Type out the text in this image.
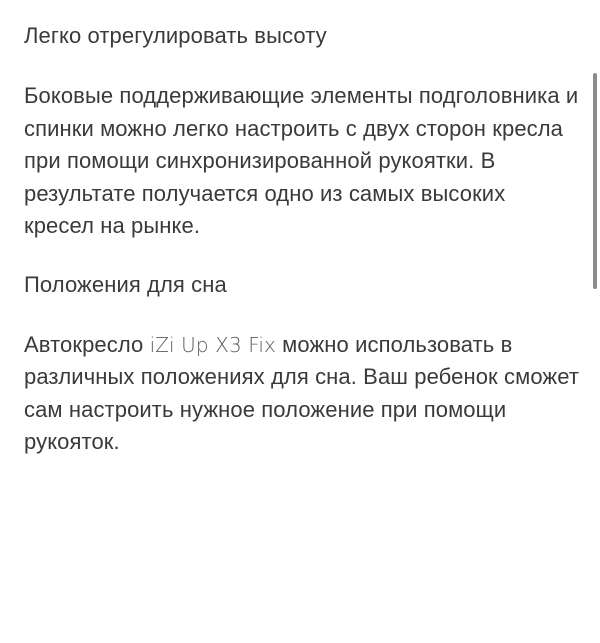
Легко отрегулировать высоту

Боковые поддерживающие элементы подголовника и спинки можно легко настроить с двух сторон кресла при помощи синхронизированной рукоятки. В результате получается одно из самых высоких кресел на рынке.

Положения для сна

Автокресло iZi Up X3 Fix можно использовать в различных положениях для сна. Ваш ребенок сможет сам настроить нужное положение при помощи рукояток.
